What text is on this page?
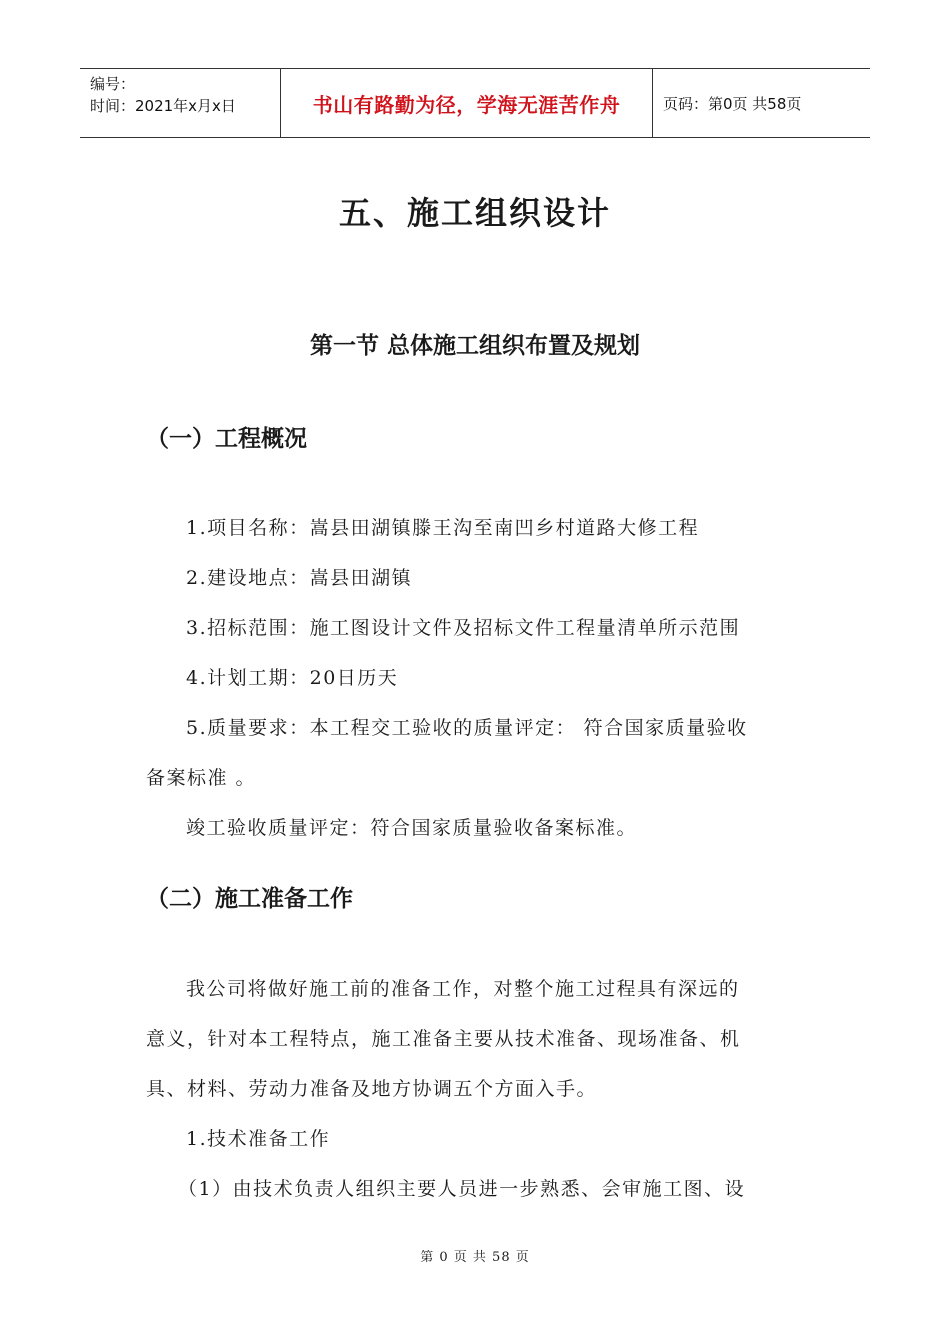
编号：
时间：2021年x月x日	书山有路勤为径，学海无涯苦作舟	页码：第0页 共58页
五、施工组织设计
第一节 总体施工组织布置及规划
（一）工程概况
1.项目名称：嵩县田湖镇滕王沟至南凹乡村道路大修工程
2.建设地点：嵩县田湖镇
3.招标范围：施工图设计文件及招标文件工程量清单所示范围
4.计划工期：20日历天
5.质量要求：本工程交工验收的质量评定： 符合国家质量验收
备案标准 。
竣工验收质量评定：符合国家质量验收备案标准。
（二）施工准备工作
我公司将做好施工前的准备工作，对整个施工过程具有深远的
意义，针对本工程特点，施工准备主要从技术准备、现场准备、机
具、材料、劳动力准备及地方协调五个方面入手。
1.技术准备工作
（1）由技术负责人组织主要人员进一步熟悉、会审施工图、设
第 0 页 共 58 页
